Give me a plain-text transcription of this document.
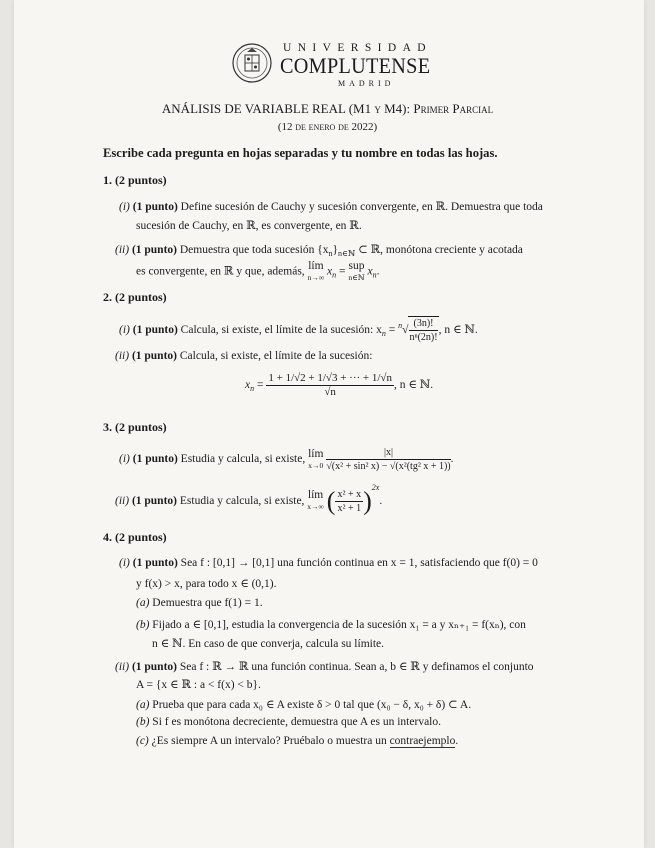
UNIVERSIDAD
COMPLUTENSE
MADRID
ANÁLISIS DE VARIABLE REAL (M1 y M4): Primer Parcial
(12 de enero de 2022)
Escribe cada pregunta en hojas separadas y tu nombre en todas las hojas.
1. (2 puntos)
(i) (1 punto) Define sucesión de Cauchy y sucesión convergente, en ℝ. Demuestra que toda
sucesión de Cauchy, en ℝ, es convergente, en ℝ.
(ii) (1 punto) Demuestra que toda sucesión $\{x_n\}_{n\in ℕ}$ ⊂ ℝ, monótona creciente y acotada
es convergente, en ℝ y que, además, lím
n→∞ $x_n$ = sup
n∈ℕ $x_n$.
2. (2 puntos)
(i) (1 punto) Calcula, si existe, el límite de la sucesión: $x_n = ^n√ \frac{(3n)!}{\text{nⁿ(2n)!}}$ , n ∈ ℕ.
(ii) (1 punto) Calcula, si existe, el límite de la sucesión:
$x_n = \frac{1 + 1/√2 + 1/√3 + \cdot\cdot\cdot + 1/√n}{√n}$ , n ∈ ℕ.
3. (2 puntos)
(i) (1 punto) Estudia y calcula, si existe, lím
x→0
$\frac{|x|}{\text{√(x² + sin² x) − √(x²(tg² x + 1))}}$ .
(ii) (1 punto) Estudia y calcula, si existe, lím
x→∞ ( $\frac{\text{x² + x}}{\text{x² + 1}} )^{2x}$.
4. (2 puntos)
(i) (1 punto) Sea f : [0,1] → [0,1] una función continua en x = 1, satisfaciendo que f(0) = 0
y f(x) > x, para todo x ∈ (0,1).
(a) Demuestra que f(1) = 1.
(b) Fijado a ∈ [0,1], estudia la convergencia de la sucesión x₁ = a y xₙ₊₁ = f(xₙ), con
n ∈ ℕ. En caso de que converja, calcula su límite.
(ii) (1 punto) Sea f : ℝ → ℝ una función continua. Sean a, b ∈ ℝ y definamos el conjunto
A = {x ∈ ℝ : a < f(x) < b}.
(a) Prueba que para cada x₀ ∈ A existe δ > 0 tal que (x₀ − δ, x₀ + δ) ⊂ A.
(b) Si f es monótona decreciente, demuestra que A es un intervalo.
(c) ¿Es siempre A un intervalo? Pruébalo o muestra un contraejemplo.
